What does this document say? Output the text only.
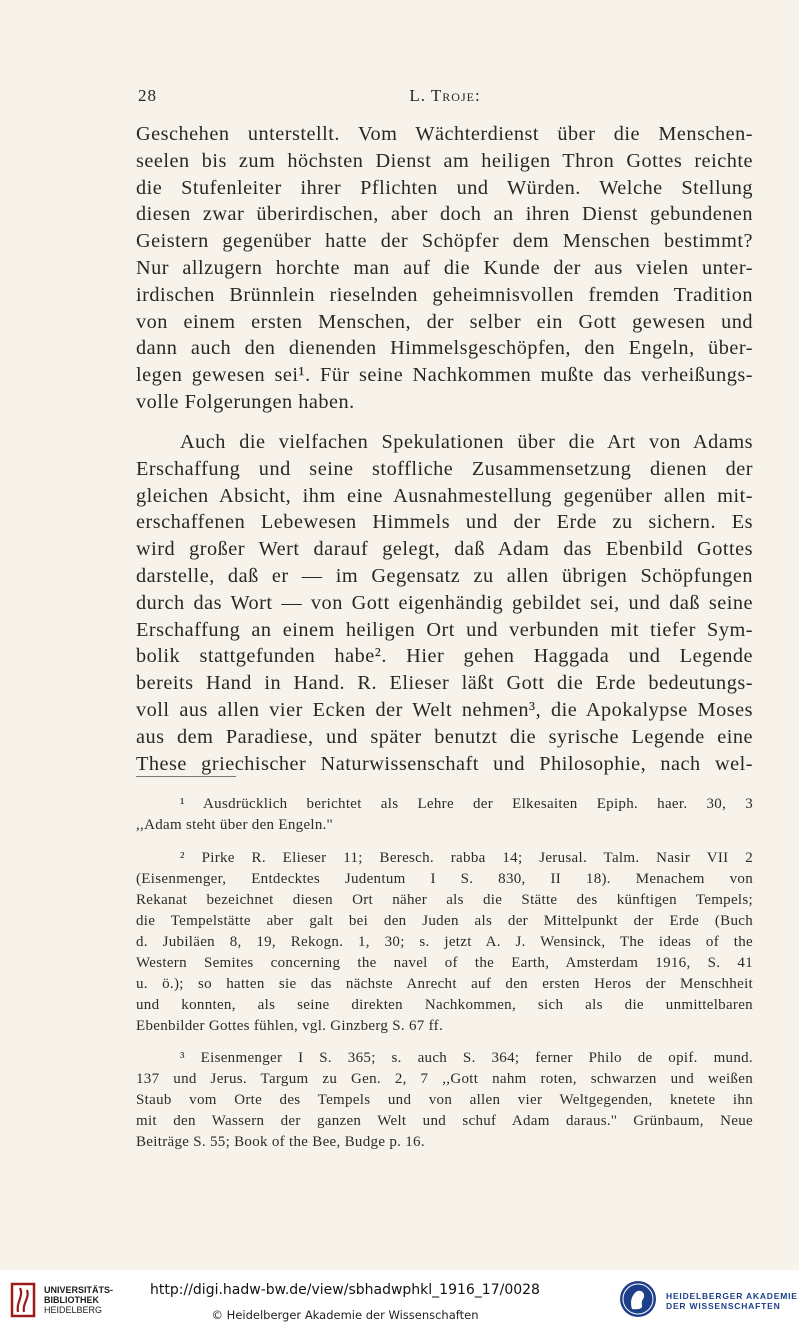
28	L. Troje:
Geschehen unterstellt. Vom Wächterdienst über die Menschen-
seelen bis zum höchsten Dienst am heiligen Thron Gottes reichte
die Stufenleiter ihrer Pflichten und Würden. Welche Stellung
diesen zwar überirdischen, aber doch an ihren Dienst gebundenen
Geistern gegenüber hatte der Schöpfer dem Menschen bestimmt?
Nur allzugern horchte man auf die Kunde der aus vielen unter-
irdischen Brünnlein rieselnden geheimnisvollen fremden Tradition
von einem ersten Menschen, der selber ein Gott gewesen und
dann auch den dienenden Himmelsgeschöpfen, den Engeln, über-
legen gewesen sei¹. Für seine Nachkommen mußte das verheißungs-
volle Folgerungen haben.
Auch die vielfachen Spekulationen über die Art von Adams
Erschaffung und seine stoffliche Zusammensetzung dienen der
gleichen Absicht, ihm eine Ausnahmestellung gegenüber allen mit-
erschaffenen Lebewesen Himmels und der Erde zu sichern. Es
wird großer Wert darauf gelegt, daß Adam das Ebenbild Gottes
darstelle, daß er — im Gegensatz zu allen übrigen Schöpfungen
durch das Wort — von Gott eigenhändig gebildet sei, und daß seine
Erschaffung an einem heiligen Ort und verbunden mit tiefer Sym-
bolik stattgefunden habe². Hier gehen Haggada und Legende
bereits Hand in Hand. R. Elieser läßt Gott die Erde bedeutungs-
voll aus allen vier Ecken der Welt nehmen³, die Apokalypse Moses
aus dem Paradiese, und später benutzt die syrische Legende eine
These griechischer Naturwissenschaft und Philosophie, nach wel-
¹ Ausdrücklich berichtet als Lehre der Elkesaiten Epiph. haer. 30, 3
,,Adam steht über den Engeln.''
² Pirke R. Elieser 11; Beresch. rabba 14; Jerusal. Talm. Nasir VII 2
(Eisenmenger, Entdecktes Judentum I S. 830, II 18). Menachem von
Rekanat bezeichnet diesen Ort näher als die Stätte des künftigen Tempels;
die Tempelstätte aber galt bei den Juden als der Mittelpunkt der Erde (Buch
d. Jubiläen 8, 19, Rekogn. 1, 30; s. jetzt A. J. Wensinck, The ideas of the
Western Semites concerning the navel of the Earth, Amsterdam 1916, S. 41
u. ö.); so hatten sie das nächste Anrecht auf den ersten Heros der Menschheit
und konnten, als seine direkten Nachkommen, sich als die unmittelbaren
Ebenbilder Gottes fühlen, vgl. Ginzberg S. 67 ff.
³ Eisenmenger I S. 365; s. auch S. 364; ferner Philo de opif. mund.
137 und Jerus. Targum zu Gen. 2, 7 ,,Gott nahm roten, schwarzen und weißen
Staub vom Orte des Tempels und von allen vier Weltgegenden, knetete ihn
mit den Wassern der ganzen Welt und schuf Adam daraus.'' Grünbaum, Neue
Beiträge S. 55; Book of the Bee, Budge p. 16.
UNIVERSITÄTS-
BIBLIOTHEK
HEIDELBERG
http://digi.hadw-bw.de/view/sbhadwphkl_1916_17/0028
© Heidelberger Akademie der Wissenschaften
HEIDELBERGER AKADEMIE
DER WISSENSCHAFTEN
